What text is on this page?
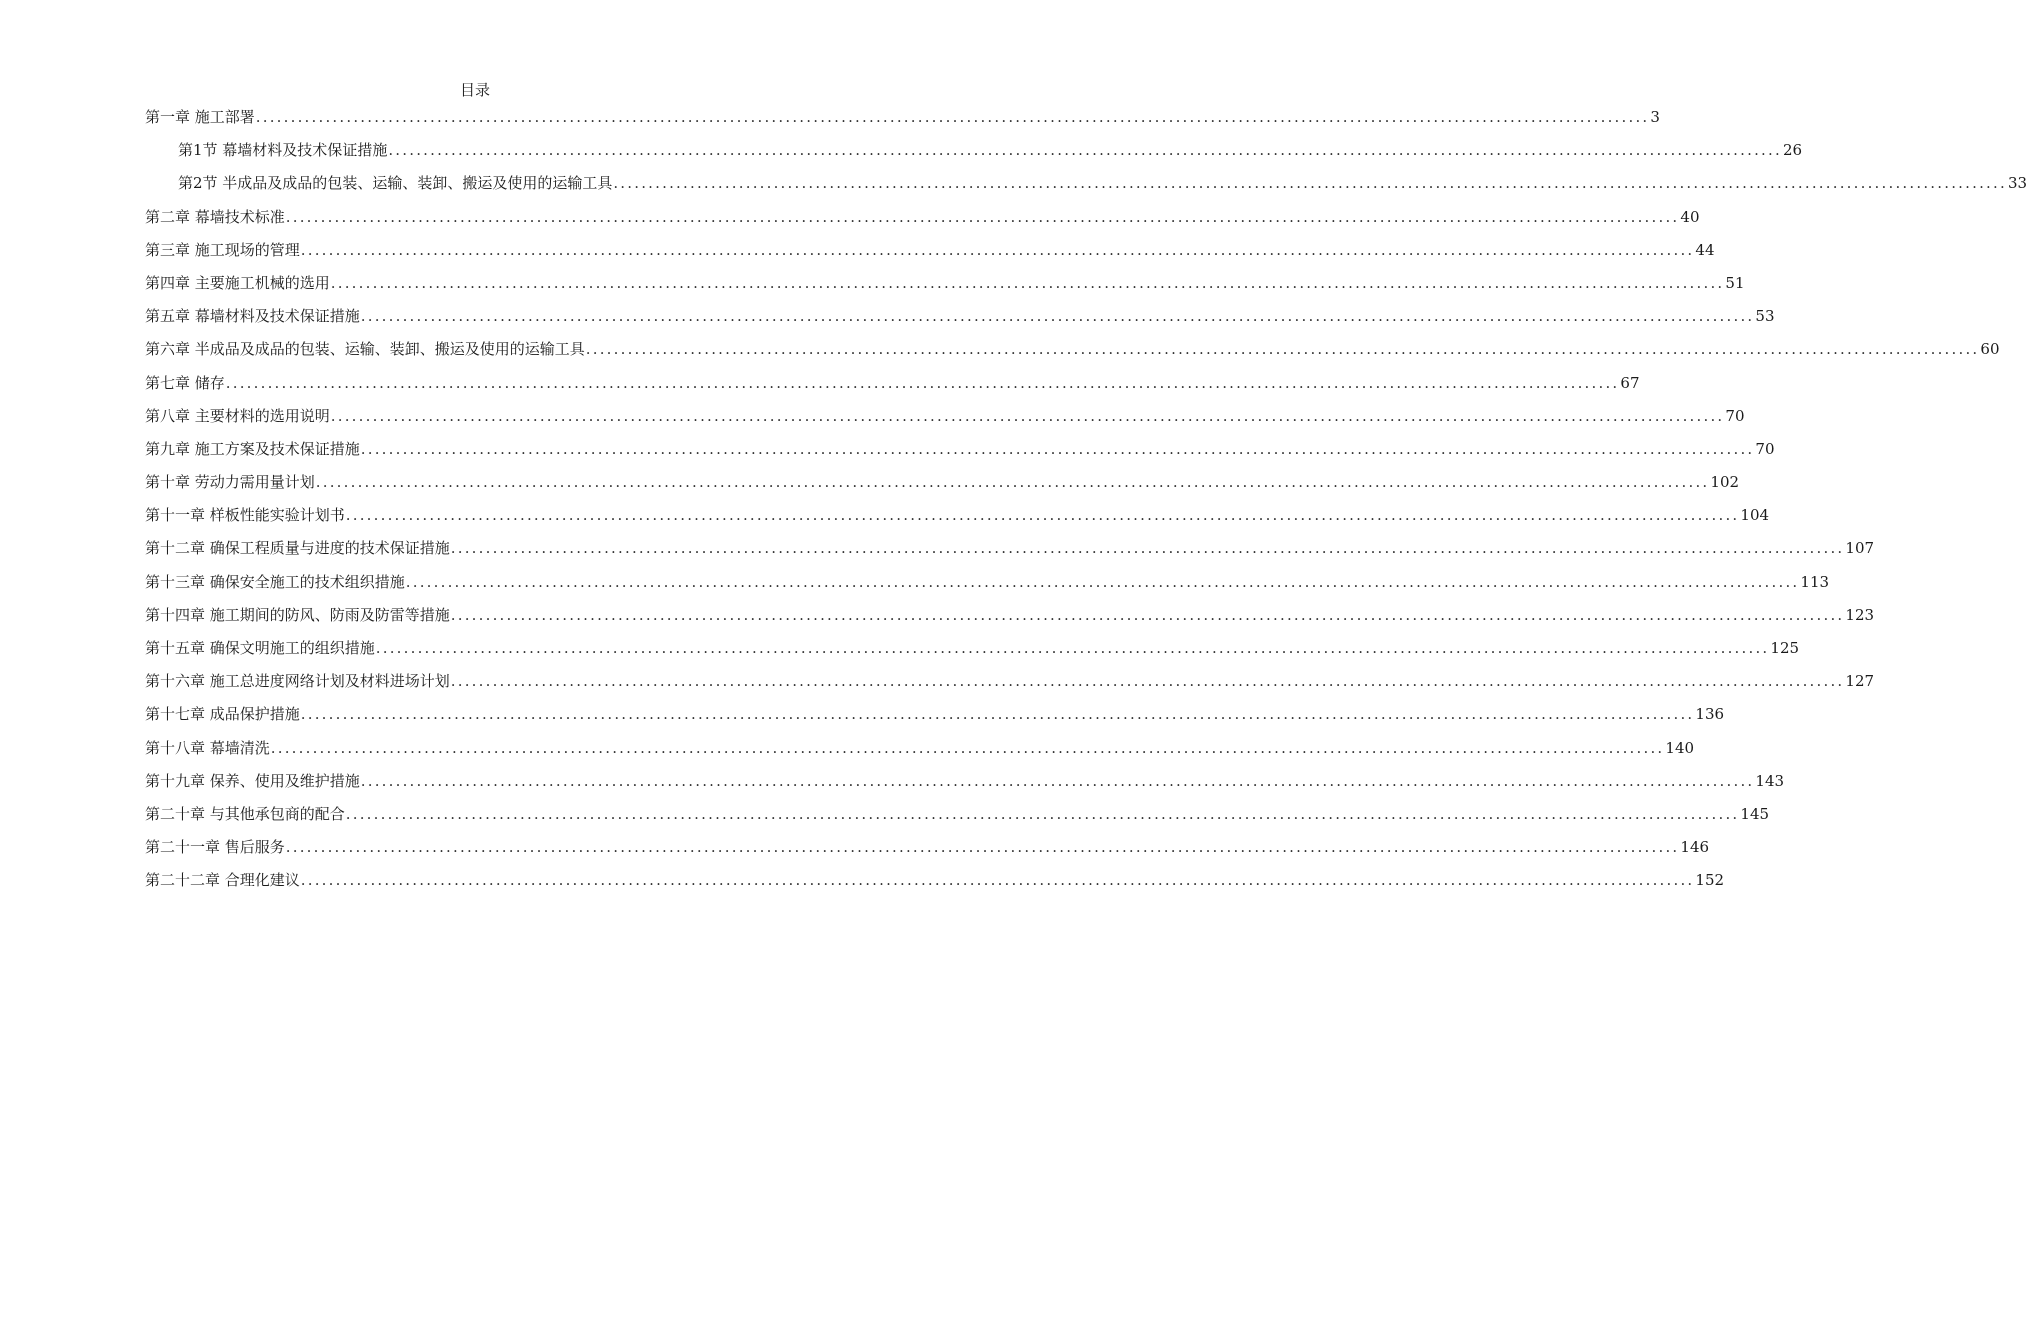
目录
第一章 施工部署 ........................................................................................................................................................................................................ 3
第1节 幕墙材料及技术保证措施 ........................................................................................................................................................................................................ 26
第2节 半成品及成品的包装、运输、装卸、搬运及使用的运输工具 ........................................................................................................................................................................................................ 33
第二章 幕墙技术标准 ........................................................................................................................................................................................................ 40
第三章 施工现场的管理 ........................................................................................................................................................................................................ 44
第四章 主要施工机械的选用 ........................................................................................................................................................................................................ 51
第五章 幕墙材料及技术保证措施 ........................................................................................................................................................................................................ 53
第六章 半成品及成品的包装、运输、装卸、搬运及使用的运输工具 ........................................................................................................................................................................................................ 60
第七章 储存 ........................................................................................................................................................................................................ 67
第八章 主要材料的选用说明 ........................................................................................................................................................................................................ 70
第九章 施工方案及技术保证措施 ........................................................................................................................................................................................................ 70
第十章 劳动力需用量计划 ........................................................................................................................................................................................................ 102
第十一章 样板性能实验计划书 ........................................................................................................................................................................................................ 104
第十二章 确保工程质量与进度的技术保证措施 ........................................................................................................................................................................................................ 107
第十三章 确保安全施工的技术组织措施 ........................................................................................................................................................................................................ 113
第十四章 施工期间的防风、防雨及防雷等措施 ........................................................................................................................................................................................................ 123
第十五章 确保文明施工的组织措施 ........................................................................................................................................................................................................ 125
第十六章 施工总进度网络计划及材料进场计划 ........................................................................................................................................................................................................ 127
第十七章 成品保护措施 ........................................................................................................................................................................................................ 136
第十八章 幕墙清洗 ........................................................................................................................................................................................................ 140
第十九章 保养、使用及维护措施 ........................................................................................................................................................................................................ 143
第二十章 与其他承包商的配合 ........................................................................................................................................................................................................ 145
第二十一章 售后服务 ........................................................................................................................................................................................................ 146
第二十二章 合理化建议 ........................................................................................................................................................................................................ 152
